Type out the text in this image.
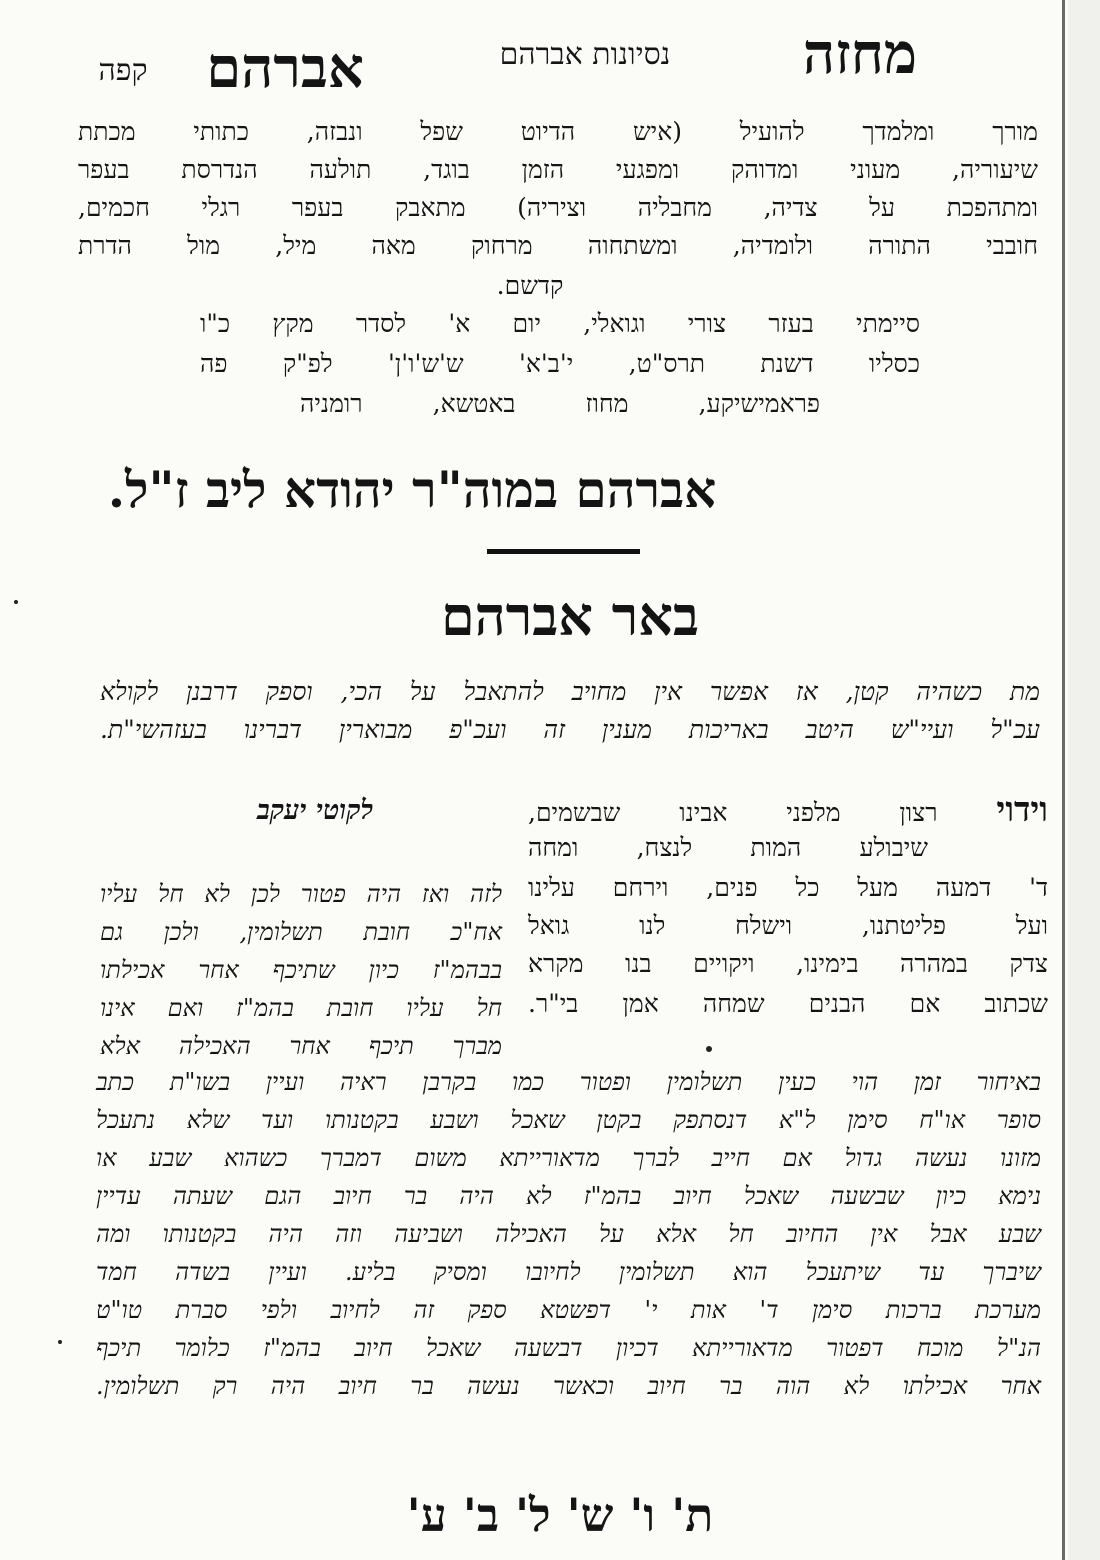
מחזה
נסיונות אברהם
אברהם
קפה
מורך ומלמדך להועיל (איש הדיוט שפל ונבזה, כתותי מכתת
שיעוריה, מעוני ומדוהק ומפגעי הזמן בוגד, תולעה הנדרסת בעפר
ומתהפכת על צדיה, מחבליה וציריה) מתאבק בעפר רגלי חכמים,
חובבי התורה ולומדיה, ומשתחוה מרחוק מאה מיל, מול הדרת
קדשם.
סיימתי בעזר צורי וגואלי, יום א' לסדר מקץ כ"ו
כסליו דשנת תרס"ט, י'ב'א' ש'ש'ו'ן' לפ"ק פה
פראמישיקע, מחוז באטשא, רומניה
אברהם במוה"ר יהודא ליב ז"ל.
באר אברהם
מת כשהיה קטן, אז אפשר אין מחויב להתאבל על הכי, וספק דרבנן לקולא
עכ"ל ועיי"ש היטב באריכות מענין זה ועכ"פ מבוארין דברינו בעזהשי"ת.
וידוי רצון מלפני אבינו שבשמים,
שיבולע המות לנצח, ומחה
ד' דמעה מעל כל פנים, וירחם עלינו
ועל פליטתנו, וישלח לנו גואל
צדק במהרה בימינו, ויקויים בנו מקרא
שכתוב אם הבנים שמחה אמן בי"ר.
לקוטי יעקב
לזה ואז היה פטור לכן לא חל עליו
אח"כ חובת תשלומין, ולכן גם
בבהמ"ז כיון שתיכף אחר אכילתו
חל עליו חובת בהמ"ז ואם אינו
מברך תיכף אחר האכילה אלא
באיחור זמן הוי כעין תשלומין ופטור כמו בקרבן ראיה ועיין בשו"ת כתב
סופר או"ח סימן ל"א דנסתפק בקטן שאכל ושבע בקטנותו ועד שלא נתעכל
מזונו נעשה גדול אם חייב לברך מדאורייתא משום דמברך כשהוא שבע או
נימא כיון שבשעה שאכל חיוב בהמ"ז לא היה בר חיוב הגם שעתה עדיין
שבע אבל אין החיוב חל אלא על האכילה ושביעה וזה היה בקטנותו ומה
שיברך עד שיתעכל הוא תשלומין לחיובו ומסיק בליע. ועיין בשדה חמד
מערכת ברכות סימן ד' אות י' דפשטא ספק זה לחיוב ולפי סברת טו"ט
הנ"ל מוכח דפטור מדאורייתא דכיון דבשעה שאכל חיוב בהמ"ז כלומר תיכף
אחר אכילתו לא הוה בר חיוב וכאשר נעשה בר חיוב היה רק תשלומין.
ת' ו' ש' ל' ב' ע'
